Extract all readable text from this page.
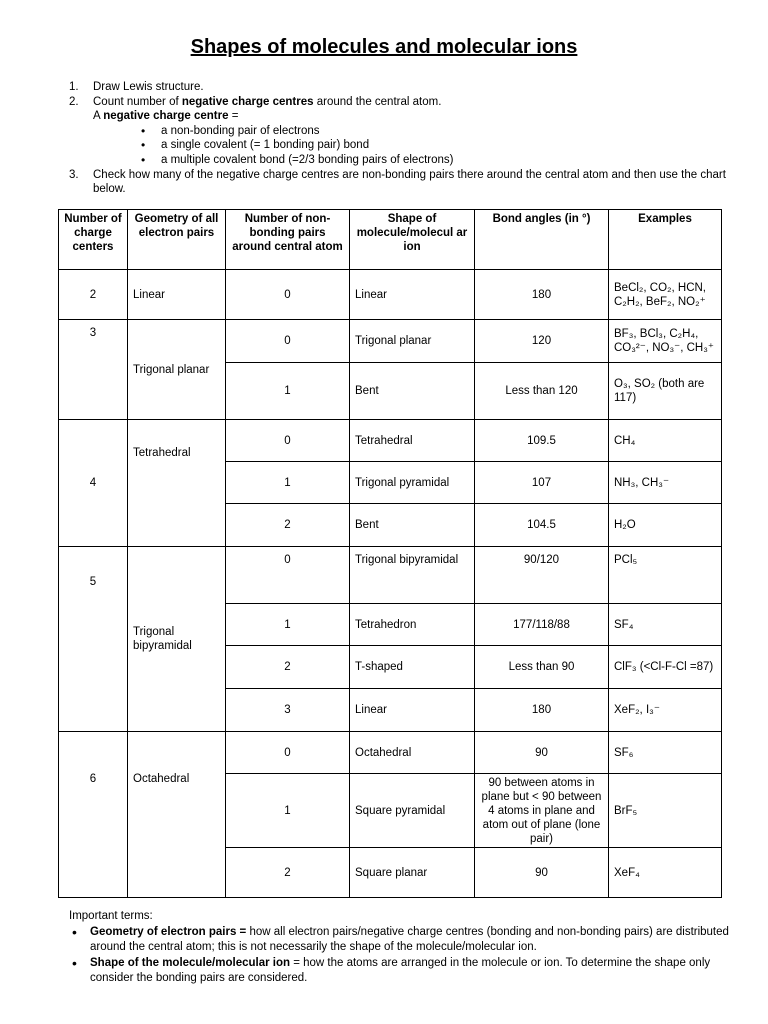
Shapes of molecules and molecular ions
1. Draw Lewis structure.
2. Count number of negative charge centres around the central atom.
A negative charge centre =
• a non-bonding pair of electrons
• a single covalent (= 1 bonding pair) bond
• a multiple covalent bond (=2/3 bonding pairs of electrons)
3. Check how many of the negative charge centres are non-bonding pairs there around the central atom and then use the chart below.
Number of charge centers	Geometry of all electron pairs	Number of non-bonding pairs around central atom	Shape of molecule/molecul ar ion	Bond angles (in °)	Examples
2	Linear	0	Linear	180	BeCl₂, CO₂, HCN, C₂H₂, BeF₂, NO₂⁺
3	Trigonal planar	0	Trigonal planar	120	BF₃, BCl₃, C₂H₄, CO₃²⁻, NO₃⁻, CH₃⁺
		1	Bent	Less than 120	O₃, SO₂ (both are 117)
4	Tetrahedral	0	Tetrahedral	109.5	CH₄
		1	Trigonal pyramidal	107	NH₃, CH₃⁻
		2	Bent	104.5	H₂O
5	Trigonal bipyramidal	0	Trigonal bipyramidal	90/120	PCl₅
		1	Tetrahedron	177/118/88	SF₄
		2	T-shaped	Less than 90	ClF₃ (<Cl-F-Cl =87)
		3	Linear	180	XeF₂, I₃⁻
6	Octahedral	0	Octahedral	90	SF₆
		1	Square pyramidal	90 between atoms in plane but < 90 between 4 atoms in plane and atom out of plane (lone pair)	BrF₅
		2	Square planar	90	XeF₄
Important terms:
• Geometry of electron pairs = how all electron pairs/negative charge centres (bonding and non-bonding pairs) are distributed around the central atom; this is not necessarily the shape of the molecule/molecular ion.
• Shape of the molecule/molecular ion = how the atoms are arranged in the molecule or ion. To determine the shape only consider the bonding pairs are considered.
